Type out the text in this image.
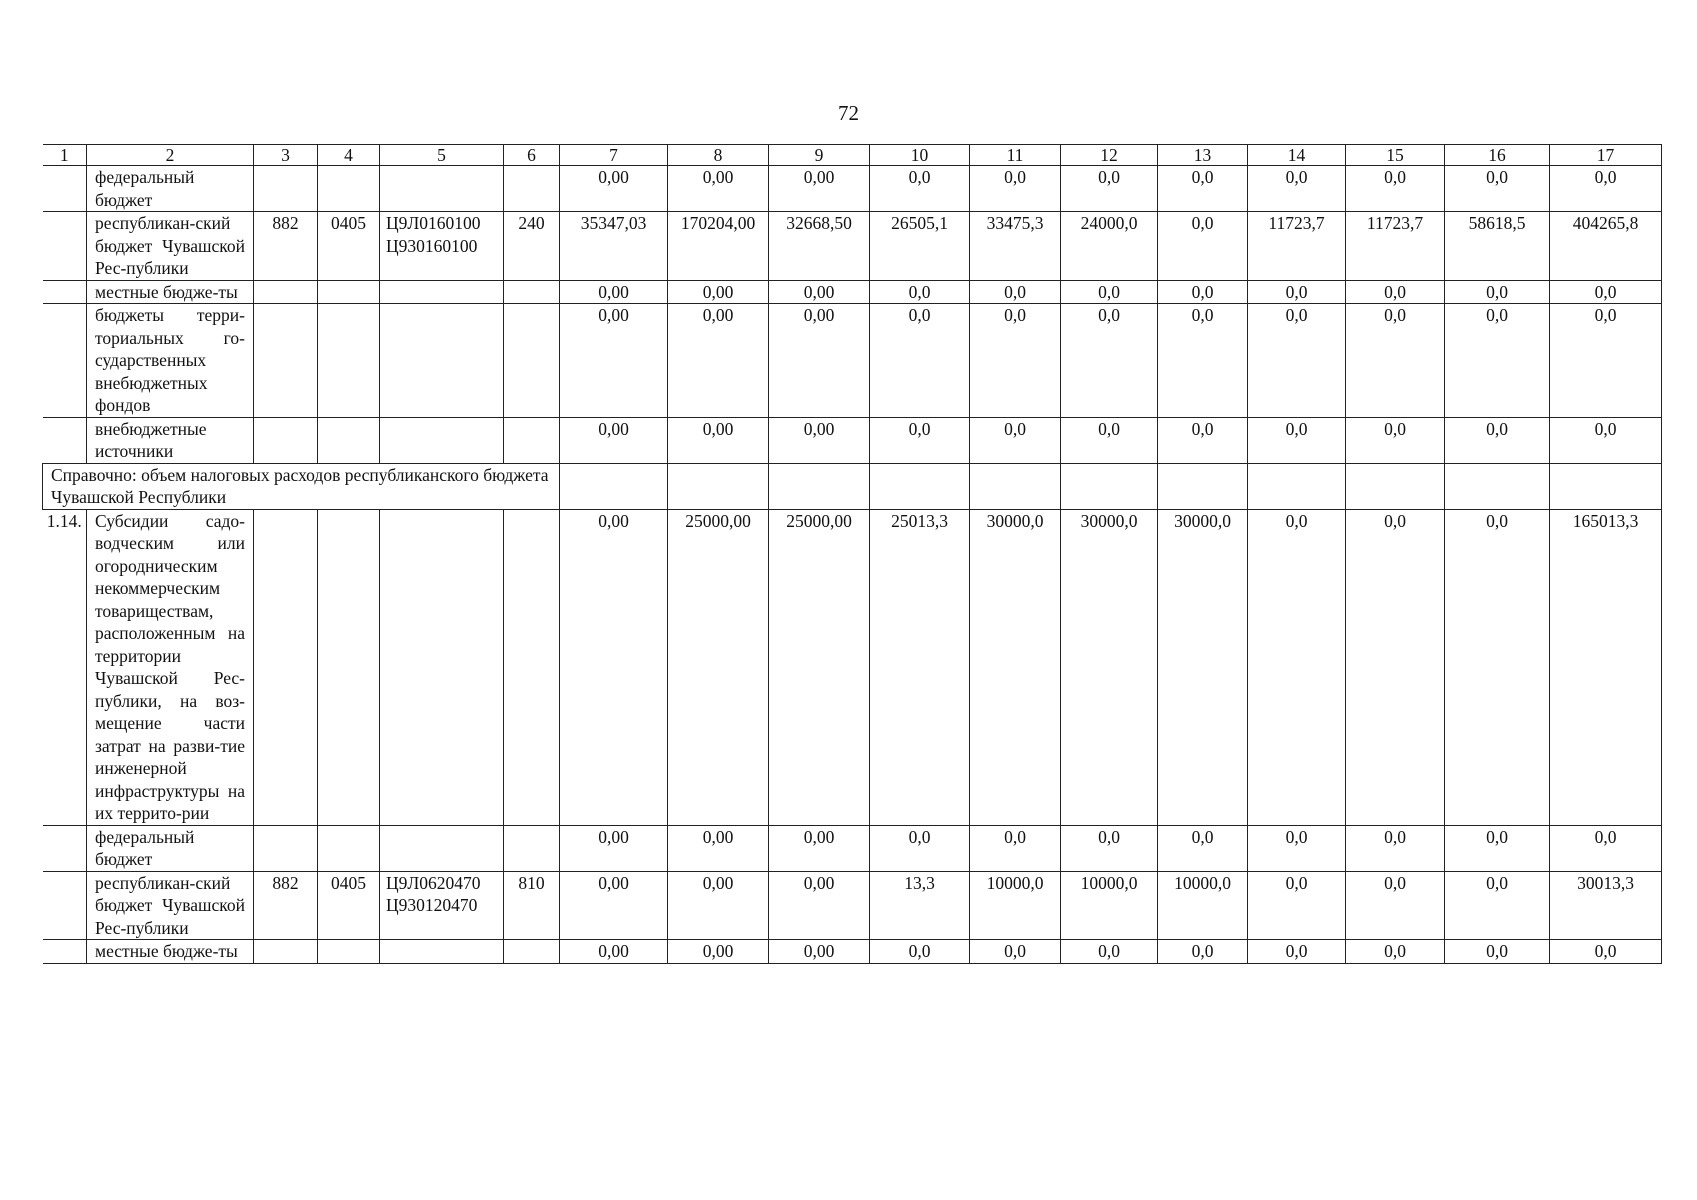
72
1	2	3	4	5	6	7	8	9	10	11	12	13	14	15	16	17
	федеральный бюджет					0,00	0,00	0,00	0,0	0,0	0,0	0,0	0,0	0,0	0,0	0,0
	республикан-ский бюджет Чувашской Рес-публики	882	0405	Ц9Л0160100 Ц930160100	240	35347,03	170204,00	32668,50	26505,1	33475,3	24000,0	0,0	11723,7	11723,7	58618,5	404265,8
	местные бюдже-ты					0,00	0,00	0,00	0,0	0,0	0,0	0,0	0,0	0,0	0,0	0,0
	бюджеты терри-ториальных го-сударственных внебюджетных фондов					0,00	0,00	0,00	0,0	0,0	0,0	0,0	0,0	0,0	0,0	0,0
	внебюджетные источники					0,00	0,00	0,00	0,0	0,0	0,0	0,0	0,0	0,0	0,0	0,0
Справочно: объем налоговых расходов республиканского бюджета Чувашской Республики																
1.14.	Субсидии садо-водческим или огородническим некоммерческим товариществам, расположенным на территории Чувашской Рес-публики, на воз-мещение части затрат на разви-тие инженерной инфраструктуры на их террито-рии					0,00	25000,00	25000,00	25013,3	30000,0	30000,0	30000,0	0,0	0,0	0,0	165013,3
	федеральный бюджет					0,00	0,00	0,00	0,0	0,0	0,0	0,0	0,0	0,0	0,0	0,0
	республикан-ский бюджет Чувашской Рес-публики	882	0405	Ц9Л0620470 Ц930120470	810	0,00	0,00	0,00	13,3	10000,0	10000,0	10000,0	0,0	0,0	0,0	30013,3
	местные бюдже-ты					0,00	0,00	0,00	0,0	0,0	0,0	0,0	0,0	0,0	0,0	0,0
